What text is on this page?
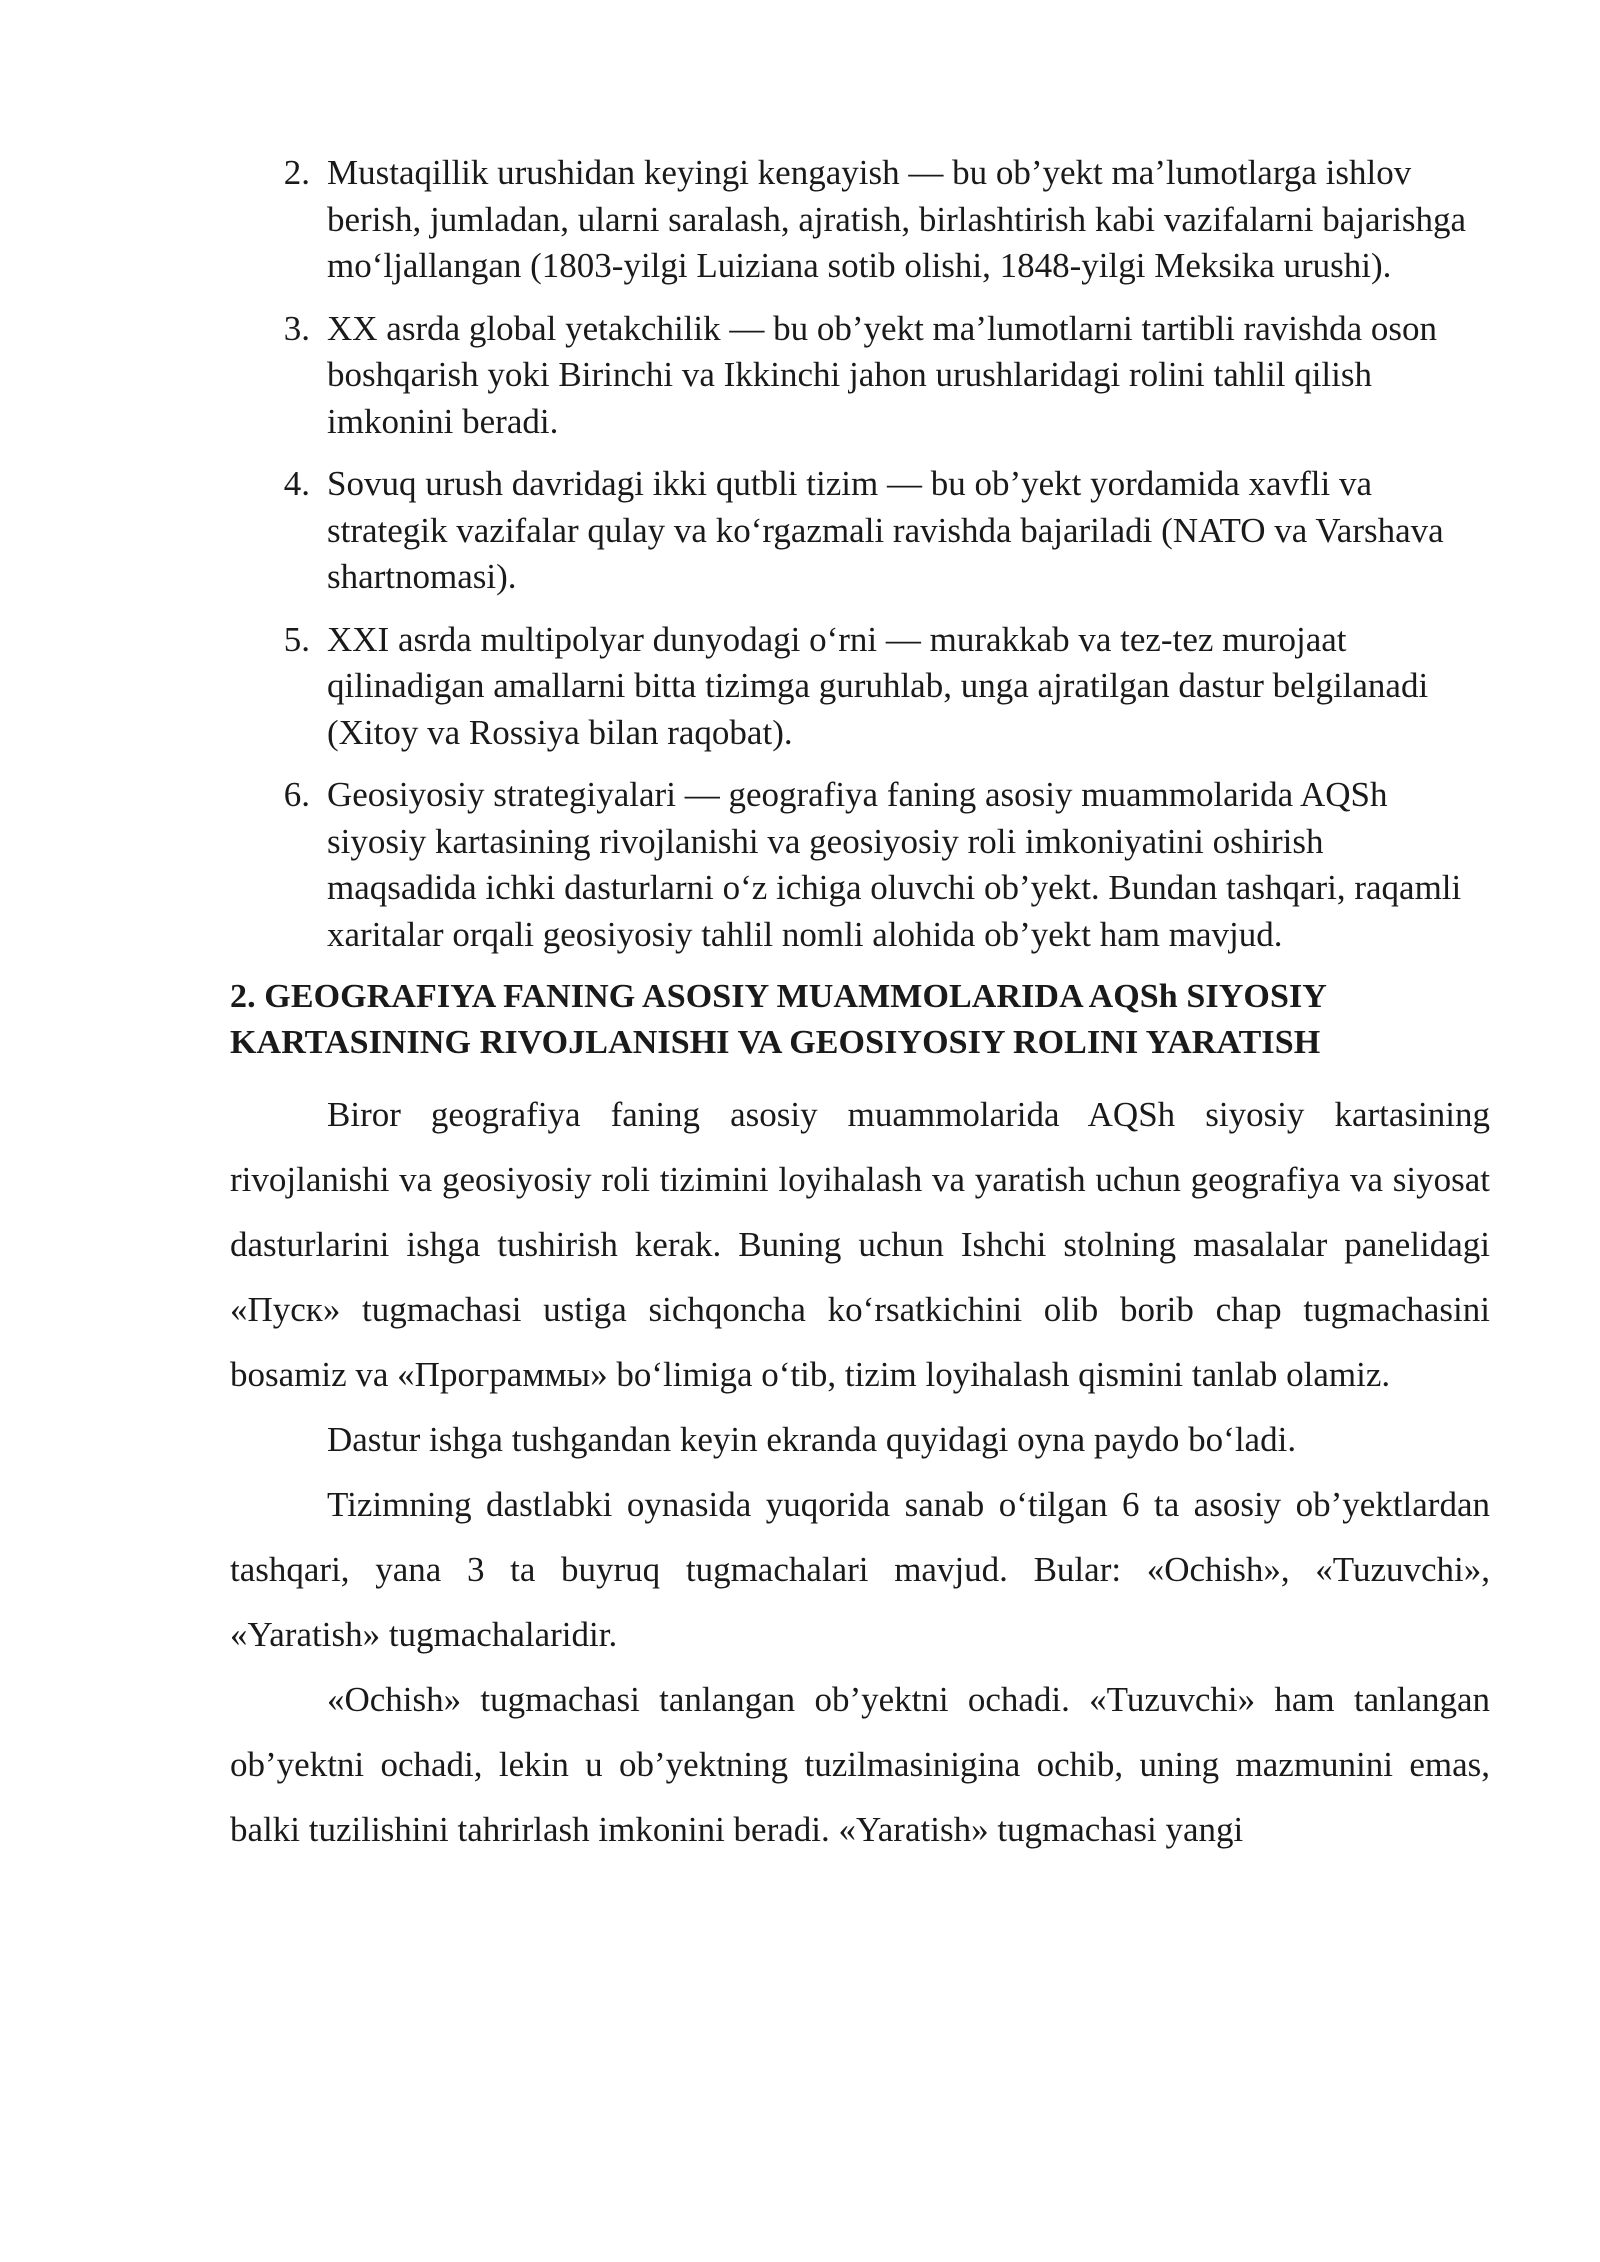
2. Mustaqillik urushidan keyingi kengayish — bu ob’yekt ma’lumotlarga ishlov berish, jumladan, ularni saralash, ajratish, birlashtirish kabi vazifalarni bajarishga mo‘ljallangan (1803-yilgi Luiziana sotib olishi, 1848-yilgi Meksika urushi).
3. XX asrda global yetakchilik — bu ob’yekt ma’lumotlarni tartibli ravishda oson boshqarish yoki Birinchi va Ikkinchi jahon urushlaridagi rolini tahlil qilish imkonini beradi.
4. Sovuq urush davridagi ikki qutbli tizim — bu ob’yekt yordamida xavfli va strategik vazifalar qulay va ko‘rgazmali ravishda bajariladi (NATO va Varshava shartnomasi).
5. XXI asrda multipolyar dunyodagi o‘rni — murakkab va tez-tez murojaat qilinadigan amallarni bitta tizimga guruhlab, unga ajratilgan dastur belgilanadi (Xitoy va Rossiya bilan raqobat).
6. Geosiyosiy strategiyalari — geografiya faning asosiy muammolarida AQSh siyosiy kartasining rivojlanishi va geosiyosiy roli imkoniyatini oshirish maqsadida ichki dasturlarni o‘z ichiga oluvchi ob’yekt. Bundan tashqari, raqamli xaritalar orqali geosiyosiy tahlil nomli alohida ob’yekt ham mavjud.
2. GEOGRAFIYA FANING ASOSIY MUAMMOLARIDA AQSh SIYOSIY KARTASINING RIVOJLANISHI VA GEOSIYOSIY ROLINI YARATISH

Biror geografiya faning asosiy muammolarida AQSh siyosiy kartasining rivojlanishi va geosiyosiy roli tizimini loyihalash va yaratish uchun geografiya va siyosat dasturlarini ishga tushirish kerak. Buning uchun Ishchi stolning masalalar panelidagi «Пуск» tugmachasi ustiga sichqoncha ko‘rsatkichini olib borib chap tugmachasini bosamiz va «Программы» bo‘limiga o‘tib, tizim loyihalash qismini tanlab olamiz.

Dastur ishga tushgandan keyin ekranda quyidagi oyna paydo bo‘ladi.

Tizimning dastlabki oynasida yuqorida sanab o‘tilgan 6 ta asosiy ob’yektlardan tashqari, yana 3 ta buyruq tugmachalari mavjud. Bular: «Ochish», «Tuzuvchi», «Yaratish» tugmachalaridir.

«Ochish» tugmachasi tanlangan ob’yektni ochadi. «Tuzuvchi» ham tanlangan ob’yektni ochadi, lekin u ob’yektning tuzilmasinigina ochib, uning mazmunini emas, balki tuzilishini tahrirlash imkonini beradi. «Yaratish» tugmachasi yangi
